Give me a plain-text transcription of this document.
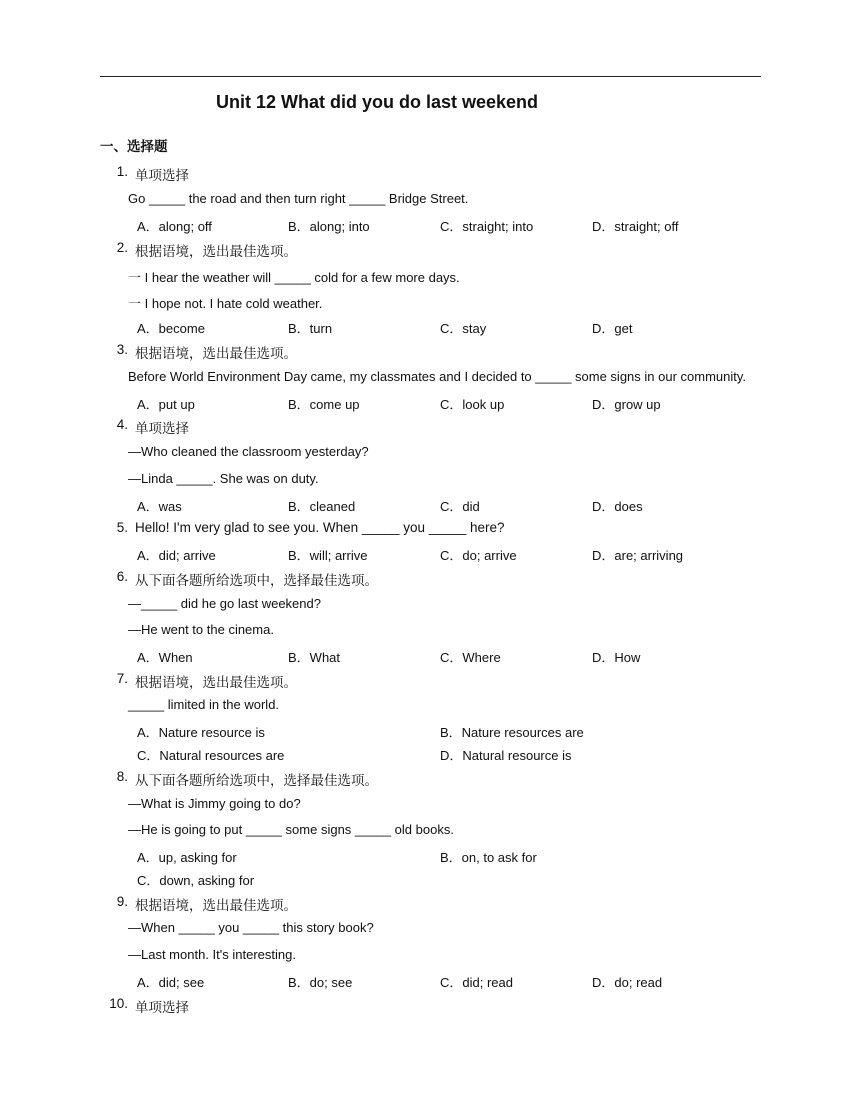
Unit 12 What did you do last weekend
一、选择题
1. 单项选择
Go _____ the road and then turn right _____ Bridge Street.
A．along; off	B．along; into	C．straight; into	D．straight; off
2. 根据语境，选出最佳选项。
一 I hear the weather will _____ cold for a few more days.
一 I hope not. I hate cold weather.
A．become	B．turn	C．stay	D．get
3. 根据语境，选出最佳选项。
Before World Environment Day came, my classmates and I decided to _____ some signs in our community.
A．put up	B．come up	C．look up	D．grow up
4. 单项选择
—Who cleaned the classroom yesterday?
—Linda _____. She was on duty.
A．was	B．cleaned	C．did	D．does
5. Hello! I'm very glad to see you. When _____ you _____ here?
A．did; arrive	B．will; arrive	C．do; arrive	D．are; arriving
6. 从下面各题所给选项中，选择最佳选项。
—_____ did he go last weekend?
—He went to the cinema.
A．When	B．What	C．Where	D．How
7. 根据语境，选出最佳选项。
_____ limited in the world.
A．Nature resource is	B．Nature resources are
C．Natural resources are	D．Natural resource is
8. 从下面各题所给选项中，选择最佳选项。
—What is Jimmy going to do?
—He is going to put _____ some signs _____ old books.
A．up, asking for	B．on, to ask for
C．down, asking for
9. 根据语境，选出最佳选项。
—When _____ you _____ this story book?
—Last month. It's interesting.
A．did; see	B．do; see	C．did; read	D．do; read
10. 单项选择
